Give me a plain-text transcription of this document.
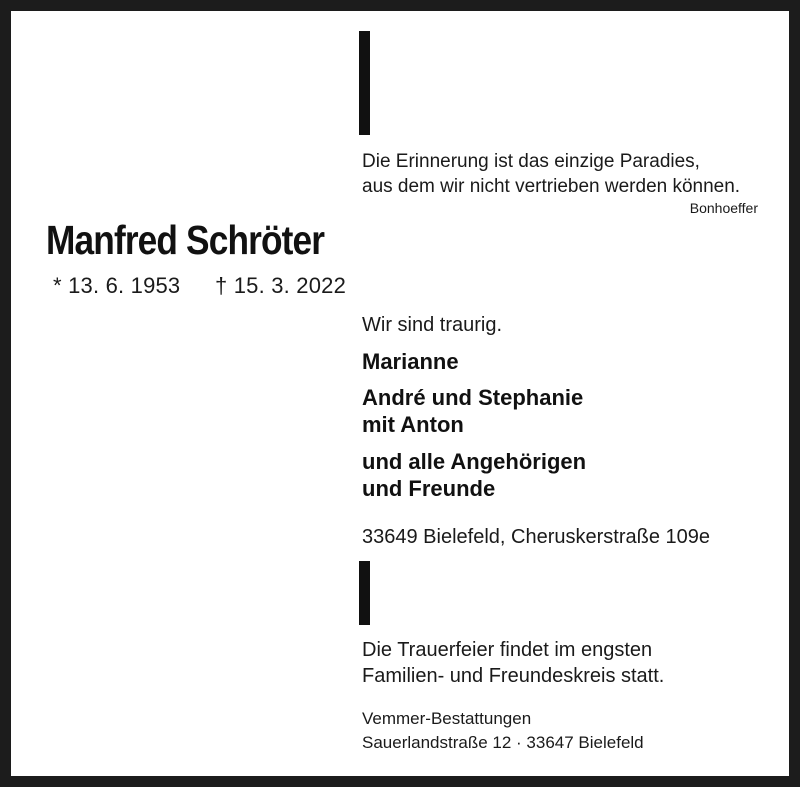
Die Erinnerung ist das einzige Paradies,
aus dem wir nicht vertrieben werden können.
Bonhoeffer
Manfred Schröter
* 13. 6. 1953 † 15. 3. 2022
Wir sind traurig.
Marianne
André und Stephanie
mit Anton
und alle Angehörigen
und Freunde
33649 Bielefeld, Cheruskerstraße 109e
Die Trauerfeier findet im engsten
Familien- und Freundeskreis statt.
Vemmer-Bestattungen
Sauerlandstraße 12 · 33647 Bielefeld
